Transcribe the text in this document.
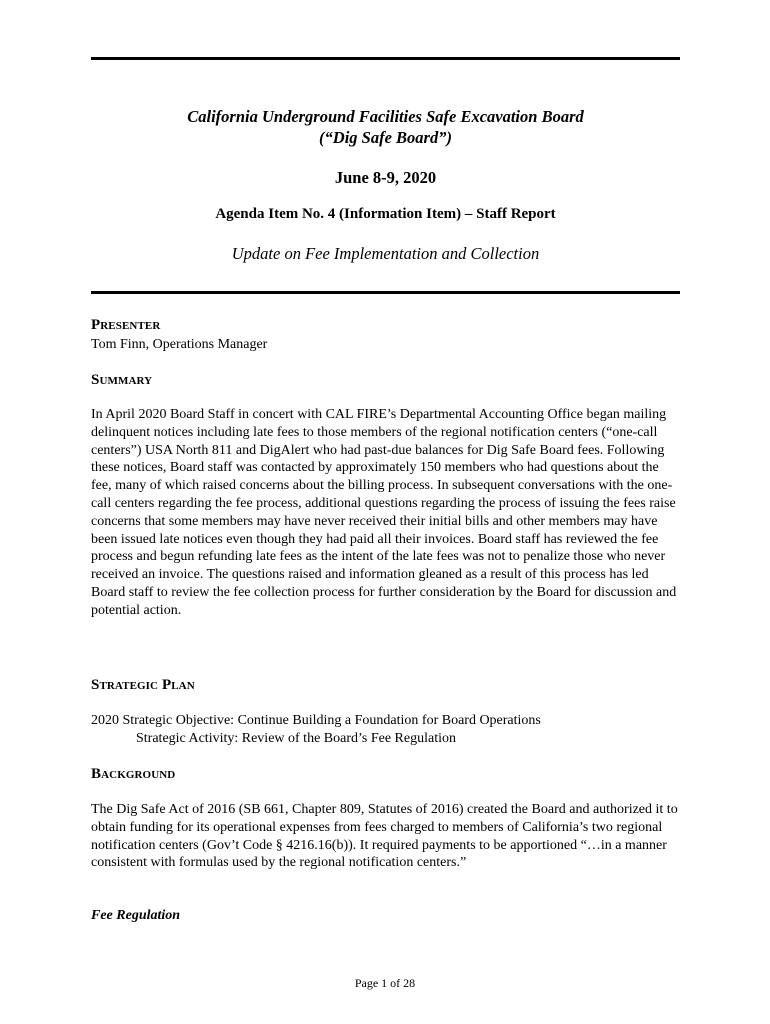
California Underground Facilities Safe Excavation Board
(“Dig Safe Board”)
June 8-9, 2020
Agenda Item No. 4 (Information Item) – Staff Report
Update on Fee Implementation and Collection
Presenter
Tom Finn, Operations Manager
Summary
In April 2020 Board Staff in concert with CAL FIRE’s Departmental Accounting Office began mailing delinquent notices including late fees to those members of the regional notification centers (“one-call centers”) USA North 811 and DigAlert who had past-due balances for Dig Safe Board fees. Following these notices, Board staff was contacted by approximately 150 members who had questions about the fee, many of which raised concerns about the billing process. In subsequent conversations with the one-call centers regarding the fee process, additional questions regarding the process of issuing the fees raise concerns that some members may have never received their initial bills and other members may have been issued late notices even though they had paid all their invoices. Board staff has reviewed the fee process and begun refunding late fees as the intent of the late fees was not to penalize those who never received an invoice. The questions raised and information gleaned as a result of this process has led Board staff to review the fee collection process for further consideration by the Board for discussion and potential action.
Strategic Plan
2020 Strategic Objective: Continue Building a Foundation for Board Operations
Strategic Activity: Review of the Board’s Fee Regulation
Background
The Dig Safe Act of 2016 (SB 661, Chapter 809, Statutes of 2016) created the Board and authorized it to obtain funding for its operational expenses from fees charged to members of California’s two regional notification centers (Gov’t Code § 4216.16(b)). It required payments to be apportioned “…in a manner consistent with formulas used by the regional notification centers.”
Fee Regulation
Page 1 of 28
